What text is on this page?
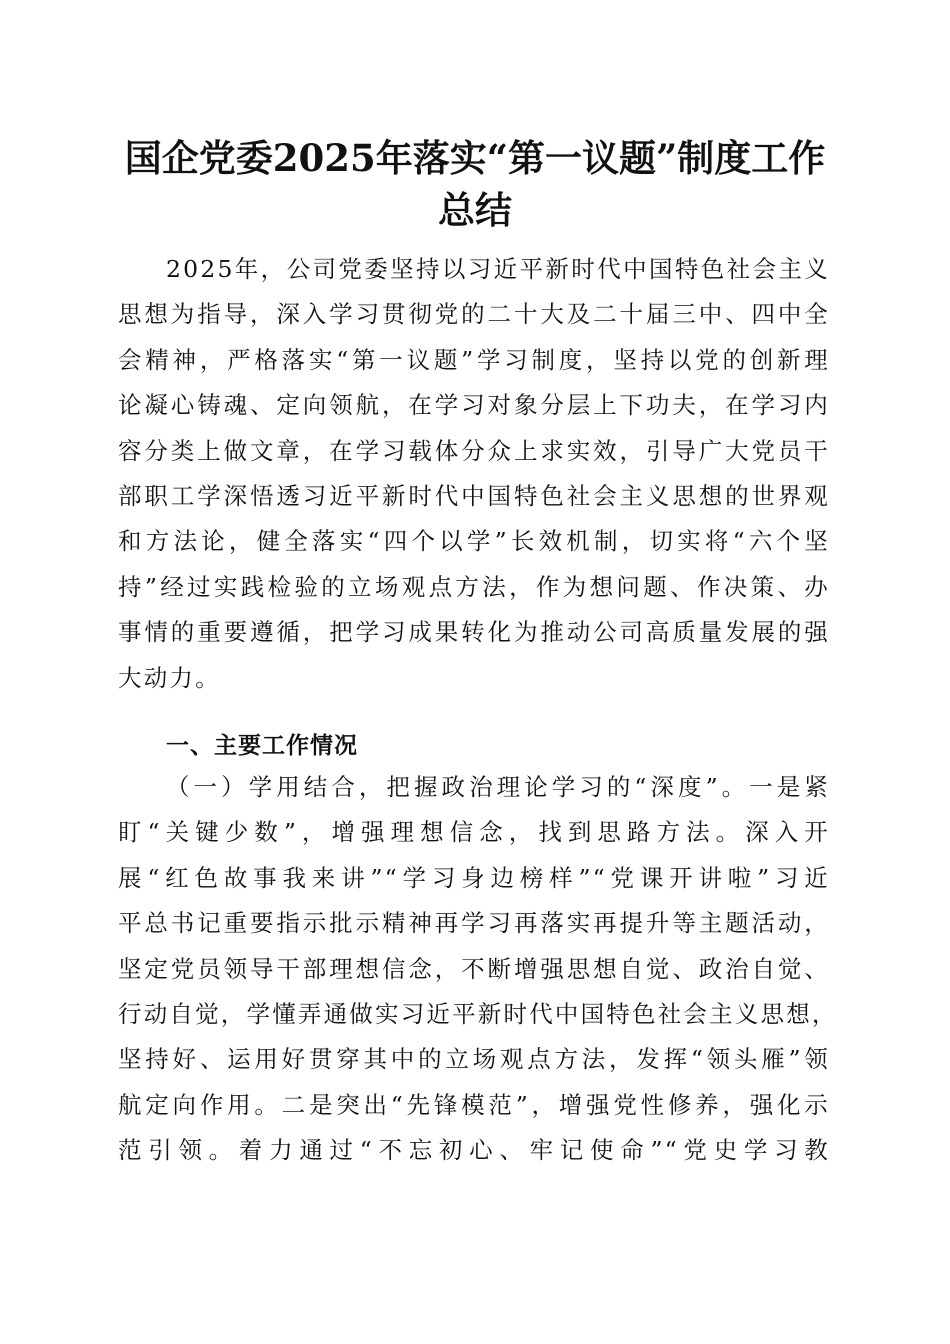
国企党委2025年落实“第一议题”制度工作
总结
2025年，公司党委坚持以习近平新时代中国特色社会主义
思想为指导，深入学习贯彻党的二十大及二十届三中、四中全
会精神，严格落实“第一议题”学习制度，坚持以党的创新理
论凝心铸魂、定向领航，在学习对象分层上下功夫，在学习内
容分类上做文章，在学习载体分众上求实效，引导广大党员干
部职工学深悟透习近平新时代中国特色社会主义思想的世界观
和方法论，健全落实“四个以学”长效机制，切实将“六个坚
持”经过实践检验的立场观点方法，作为想问题、作决策、办
事情的重要遵循，把学习成果转化为推动公司高质量发展的强
大动力。
一、主要工作情况
（一）学用结合，把握政治理论学习的“深度”。一是紧
盯“关键少数”，增强理想信念，找到思路方法。深入开
展“红色故事我来讲”“学习身边榜样”“党课开讲啦”习近
平总书记重要指示批示精神再学习再落实再提升等主题活动，
坚定党员领导干部理想信念，不断增强思想自觉、政治自觉、
行动自觉，学懂弄通做实习近平新时代中国特色社会主义思想，
坚持好、运用好贯穿其中的立场观点方法，发挥“领头雁”领
航定向作用。二是突出“先锋模范”，增强党性修养，强化示
范引领。着力通过“不忘初心、牢记使命”“党史学习教
